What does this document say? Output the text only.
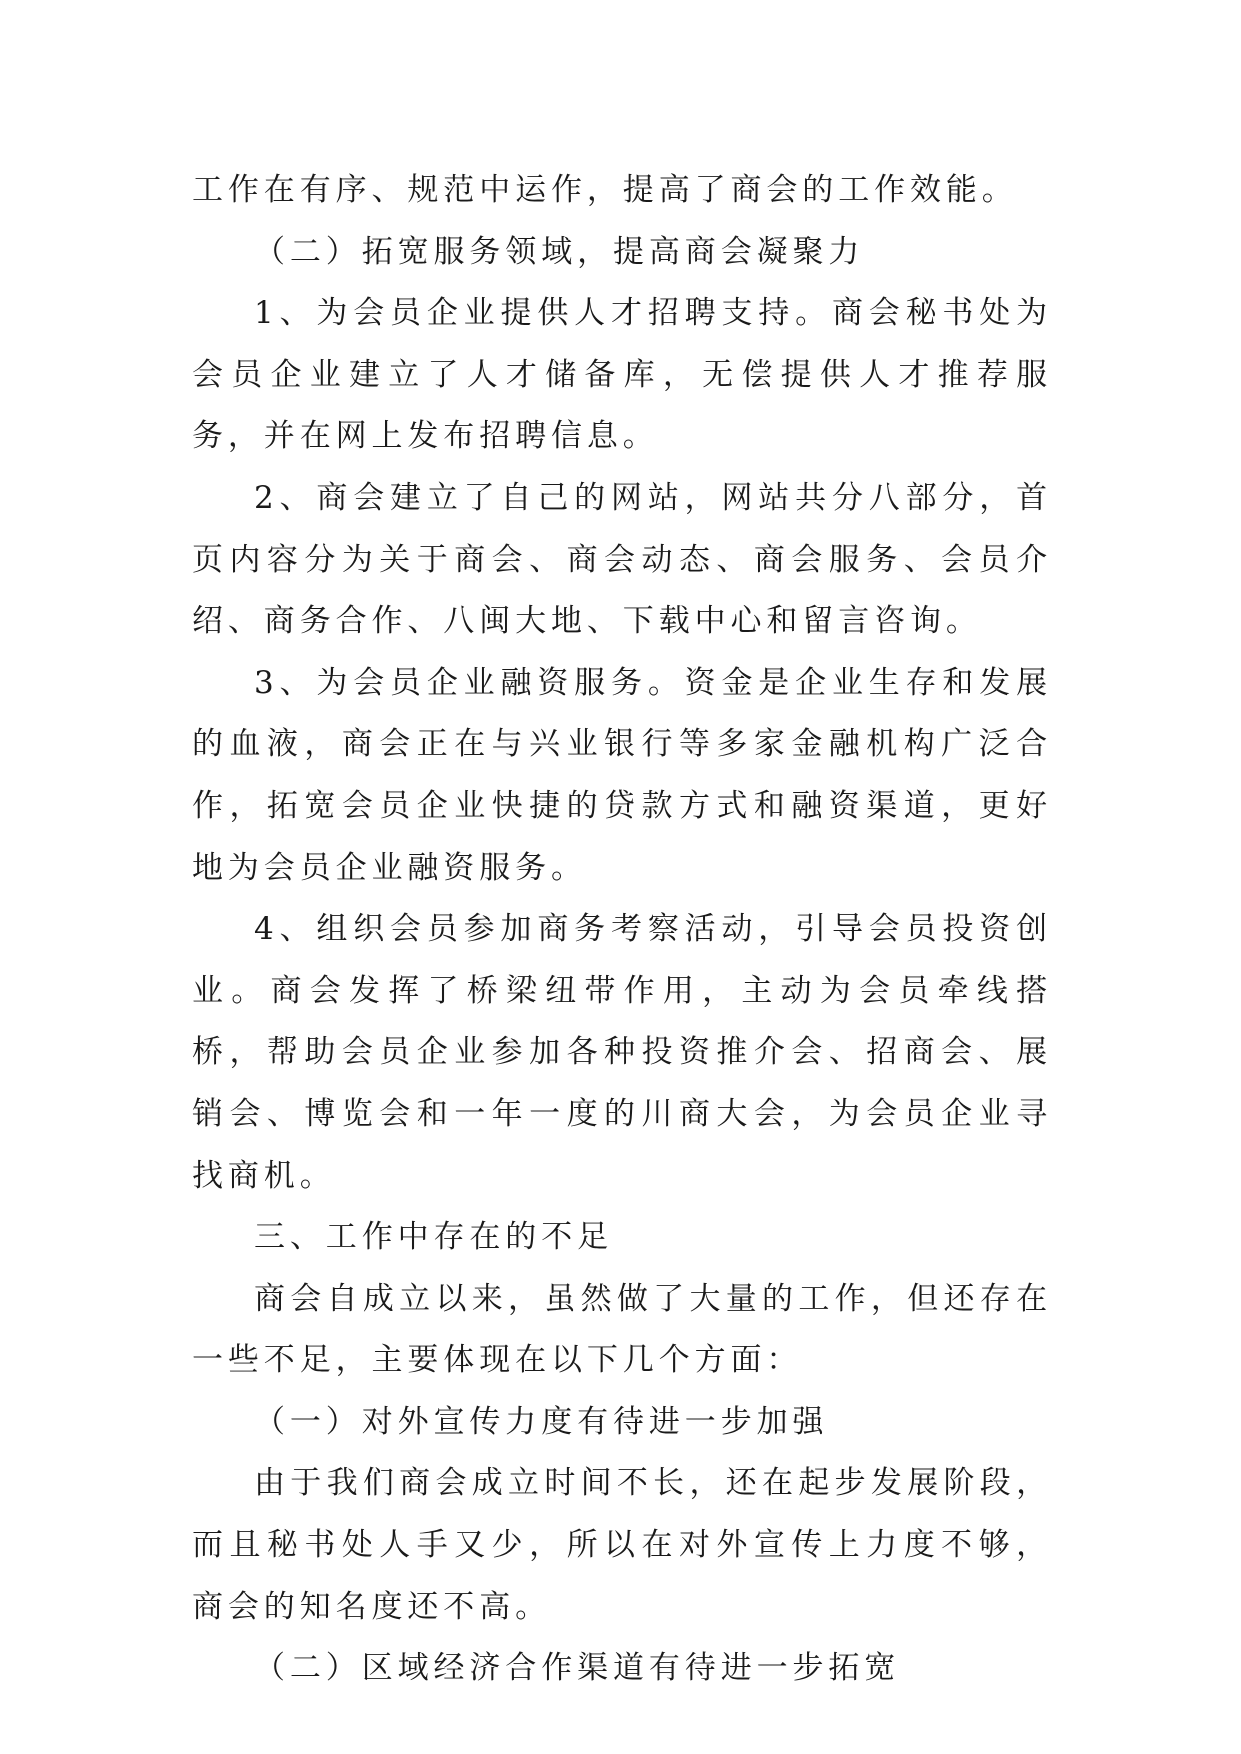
工作在有序、规范中运作，提高了商会的工作效能。

（二）拓宽服务领域，提高商会凝聚力

1、为会员企业提供人才招聘支持。商会秘书处为会员企业建立了人才储备库，无偿提供人才推荐服务，并在网上发布招聘信息。

2、商会建立了自己的网站，网站共分八部分，首页内容分为关于商会、商会动态、商会服务、会员介绍、商务合作、八闽大地、下载中心和留言咨询。

3、为会员企业融资服务。资金是企业生存和发展的血液，商会正在与兴业银行等多家金融机构广泛合作，拓宽会员企业快捷的贷款方式和融资渠道，更好地为会员企业融资服务。

4、组织会员参加商务考察活动，引导会员投资创业。商会发挥了桥梁纽带作用，主动为会员牵线搭桥，帮助会员企业参加各种投资推介会、招商会、展销会、博览会和一年一度的川商大会，为会员企业寻找商机。

三、工作中存在的不足

商会自成立以来，虽然做了大量的工作，但还存在一些不足，主要体现在以下几个方面：

（一）对外宣传力度有待进一步加强

由于我们商会成立时间不长，还在起步发展阶段，而且秘书处人手又少，所以在对外宣传上力度不够，商会的知名度还不高。

（二）区域经济合作渠道有待进一步拓宽
